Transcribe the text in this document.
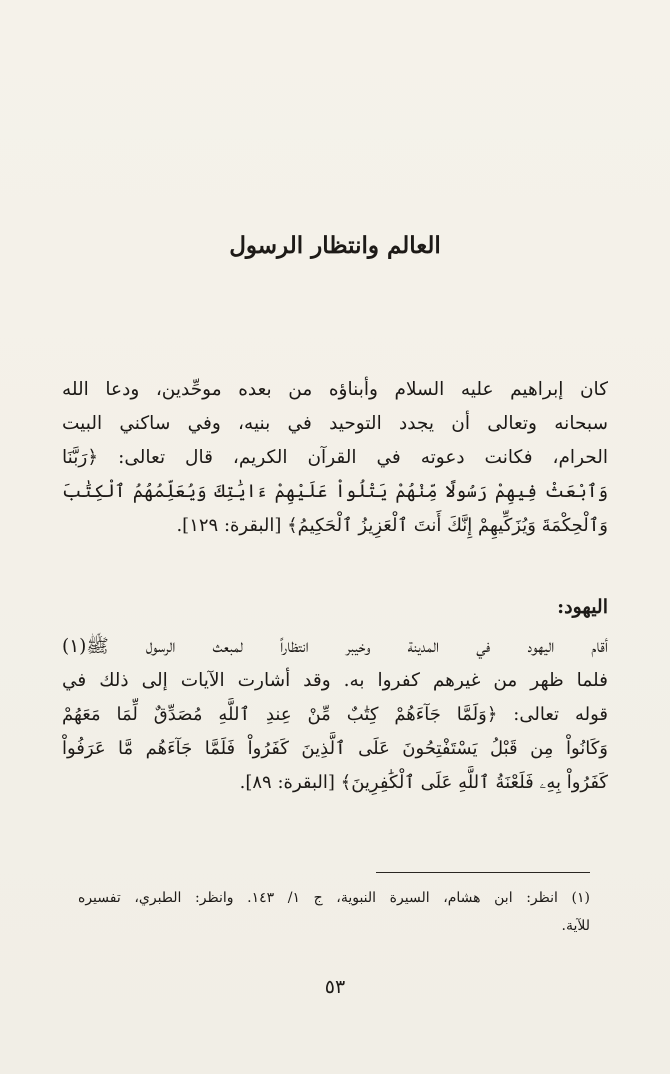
العالم وانتظار الرسول
كان إبراهيم عليه السلام وأبناؤه من بعده موحِّدين، ودعا الله
سبحانه وتعالى أن يجدد التوحيد في بنيه، وفي ساكني البيت
الحرام، فكانت دعوته في القرآن الكريم، قال تعالى: ﴿رَبَّنَا
وَٱبْعَثْ فِيهِمْ رَسُولًا مِّنْهُمْ يَتْلُواْ عَلَيْهِمْ ءَايَٰتِكَ وَيُعَلِّمُهُمُ ٱلْكِتَٰبَ
وَٱلْحِكْمَةَ وَيُزَكِّيهِمْ إِنَّكَ أَنتَ ٱلْعَزِيزُ ٱلْحَكِيمُ﴾ [البقرة: ١٢٩].
اليهود:
أقام اليهود في المدينة وخيبر انتظاراً لمبعث الرسول ﷺ(١)
فلما ظهر من غيرهم كفروا به. وقد أشارت الآيات إلى ذلك في
قوله تعالى: ﴿وَلَمَّا جَآءَهُمْ كِتَٰبٌ مِّنْ عِندِ ٱللَّهِ مُصَدِّقٌ لِّمَا مَعَهُمْ
وَكَانُواْ مِن قَبْلُ يَسْتَفْتِحُونَ عَلَى ٱلَّذِينَ كَفَرُواْ فَلَمَّا جَآءَهُم مَّا عَرَفُواْ
كَفَرُواْ بِهِۦ فَلَعْنَةُ ٱللَّهِ عَلَى ٱلْكَٰفِرِينَ﴾ [البقرة: ٨٩].
(١) انظر: ابن هشام، السيرة النبوية، ج ١/ ١٤٣. وانظر: الطبري، تفسيره
للآية.
٥٣
